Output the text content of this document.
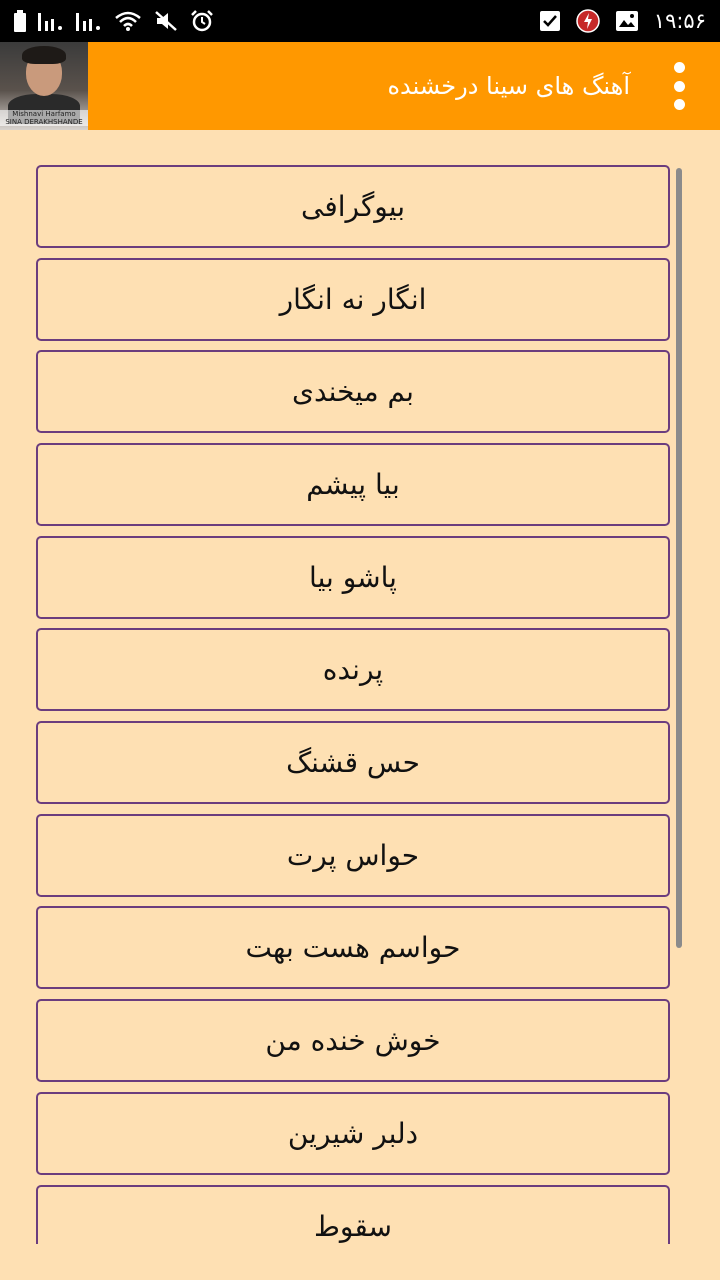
۱۹:۵۶
Mishnavi Harfamo
SINA DERAKHSHANDE
آهنگ های سینا درخشنده
بیوگرافی
انگار نه انگار
بم میخندی
بیا پیشم
پاشو بیا
پرنده
حس قشنگ
حواس پرت
حواسم هست بهت
خوش خنده من
دلبر شیرین
سقوط
